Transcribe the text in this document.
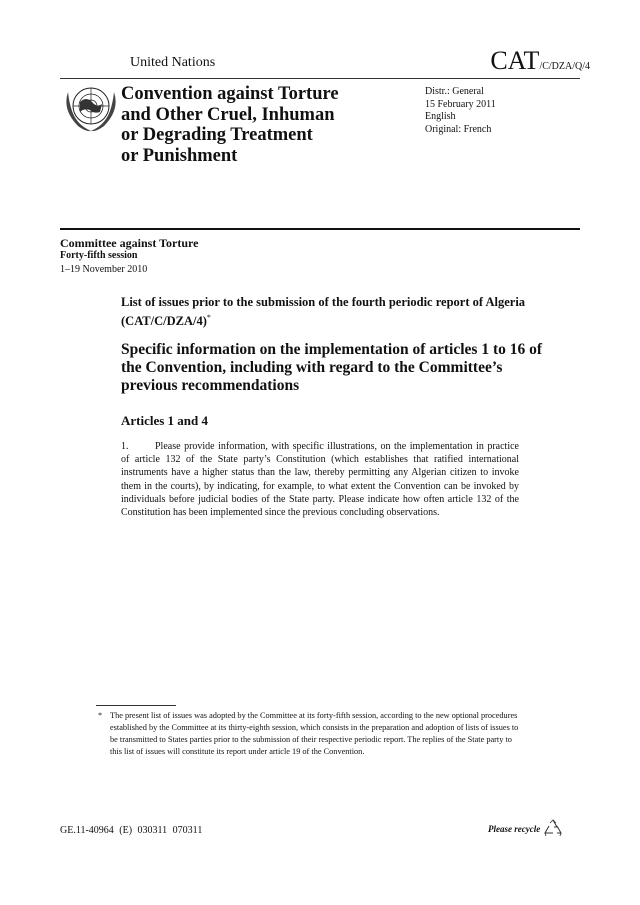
United Nations	CAT/C/DZA/Q/4
Convention against Torture
and Other Cruel, Inhuman
or Degrading Treatment
or Punishment
Distr.: General
15 February 2011
English
Original: French
Committee against Torture
Forty-fifth session
1–19 November 2010
List of issues prior to the submission of the fourth periodic report of Algeria (CAT/C/DZA/4)*
Specific information on the implementation of articles 1 to 16 of the Convention, including with regard to the Committee’s previous recommendations
Articles 1 and 4
1.	Please provide information, with specific illustrations, on the implementation in practice of article 132 of the State party’s Constitution (which establishes that ratified international instruments have a higher status than the law, thereby permitting any Algerian citizen to invoke them in the courts), by indicating, for example, to what extent the Convention can be invoked by individuals before judicial bodies of the State party. Please indicate how often article 132 of the Constitution has been implemented since the previous concluding observations.
* The present list of issues was adopted by the Committee at its forty-fifth session, according to the new optional procedures established by the Committee at its thirty-eighth session, which consists in the preparation and adoption of lists of issues to be transmitted to States parties prior to the submission of their respective periodic report. The replies of the State party to this list of issues will constitute its report under article 19 of the Convention.
GE.11-40964 (E) 030311 070311	Please recycle
